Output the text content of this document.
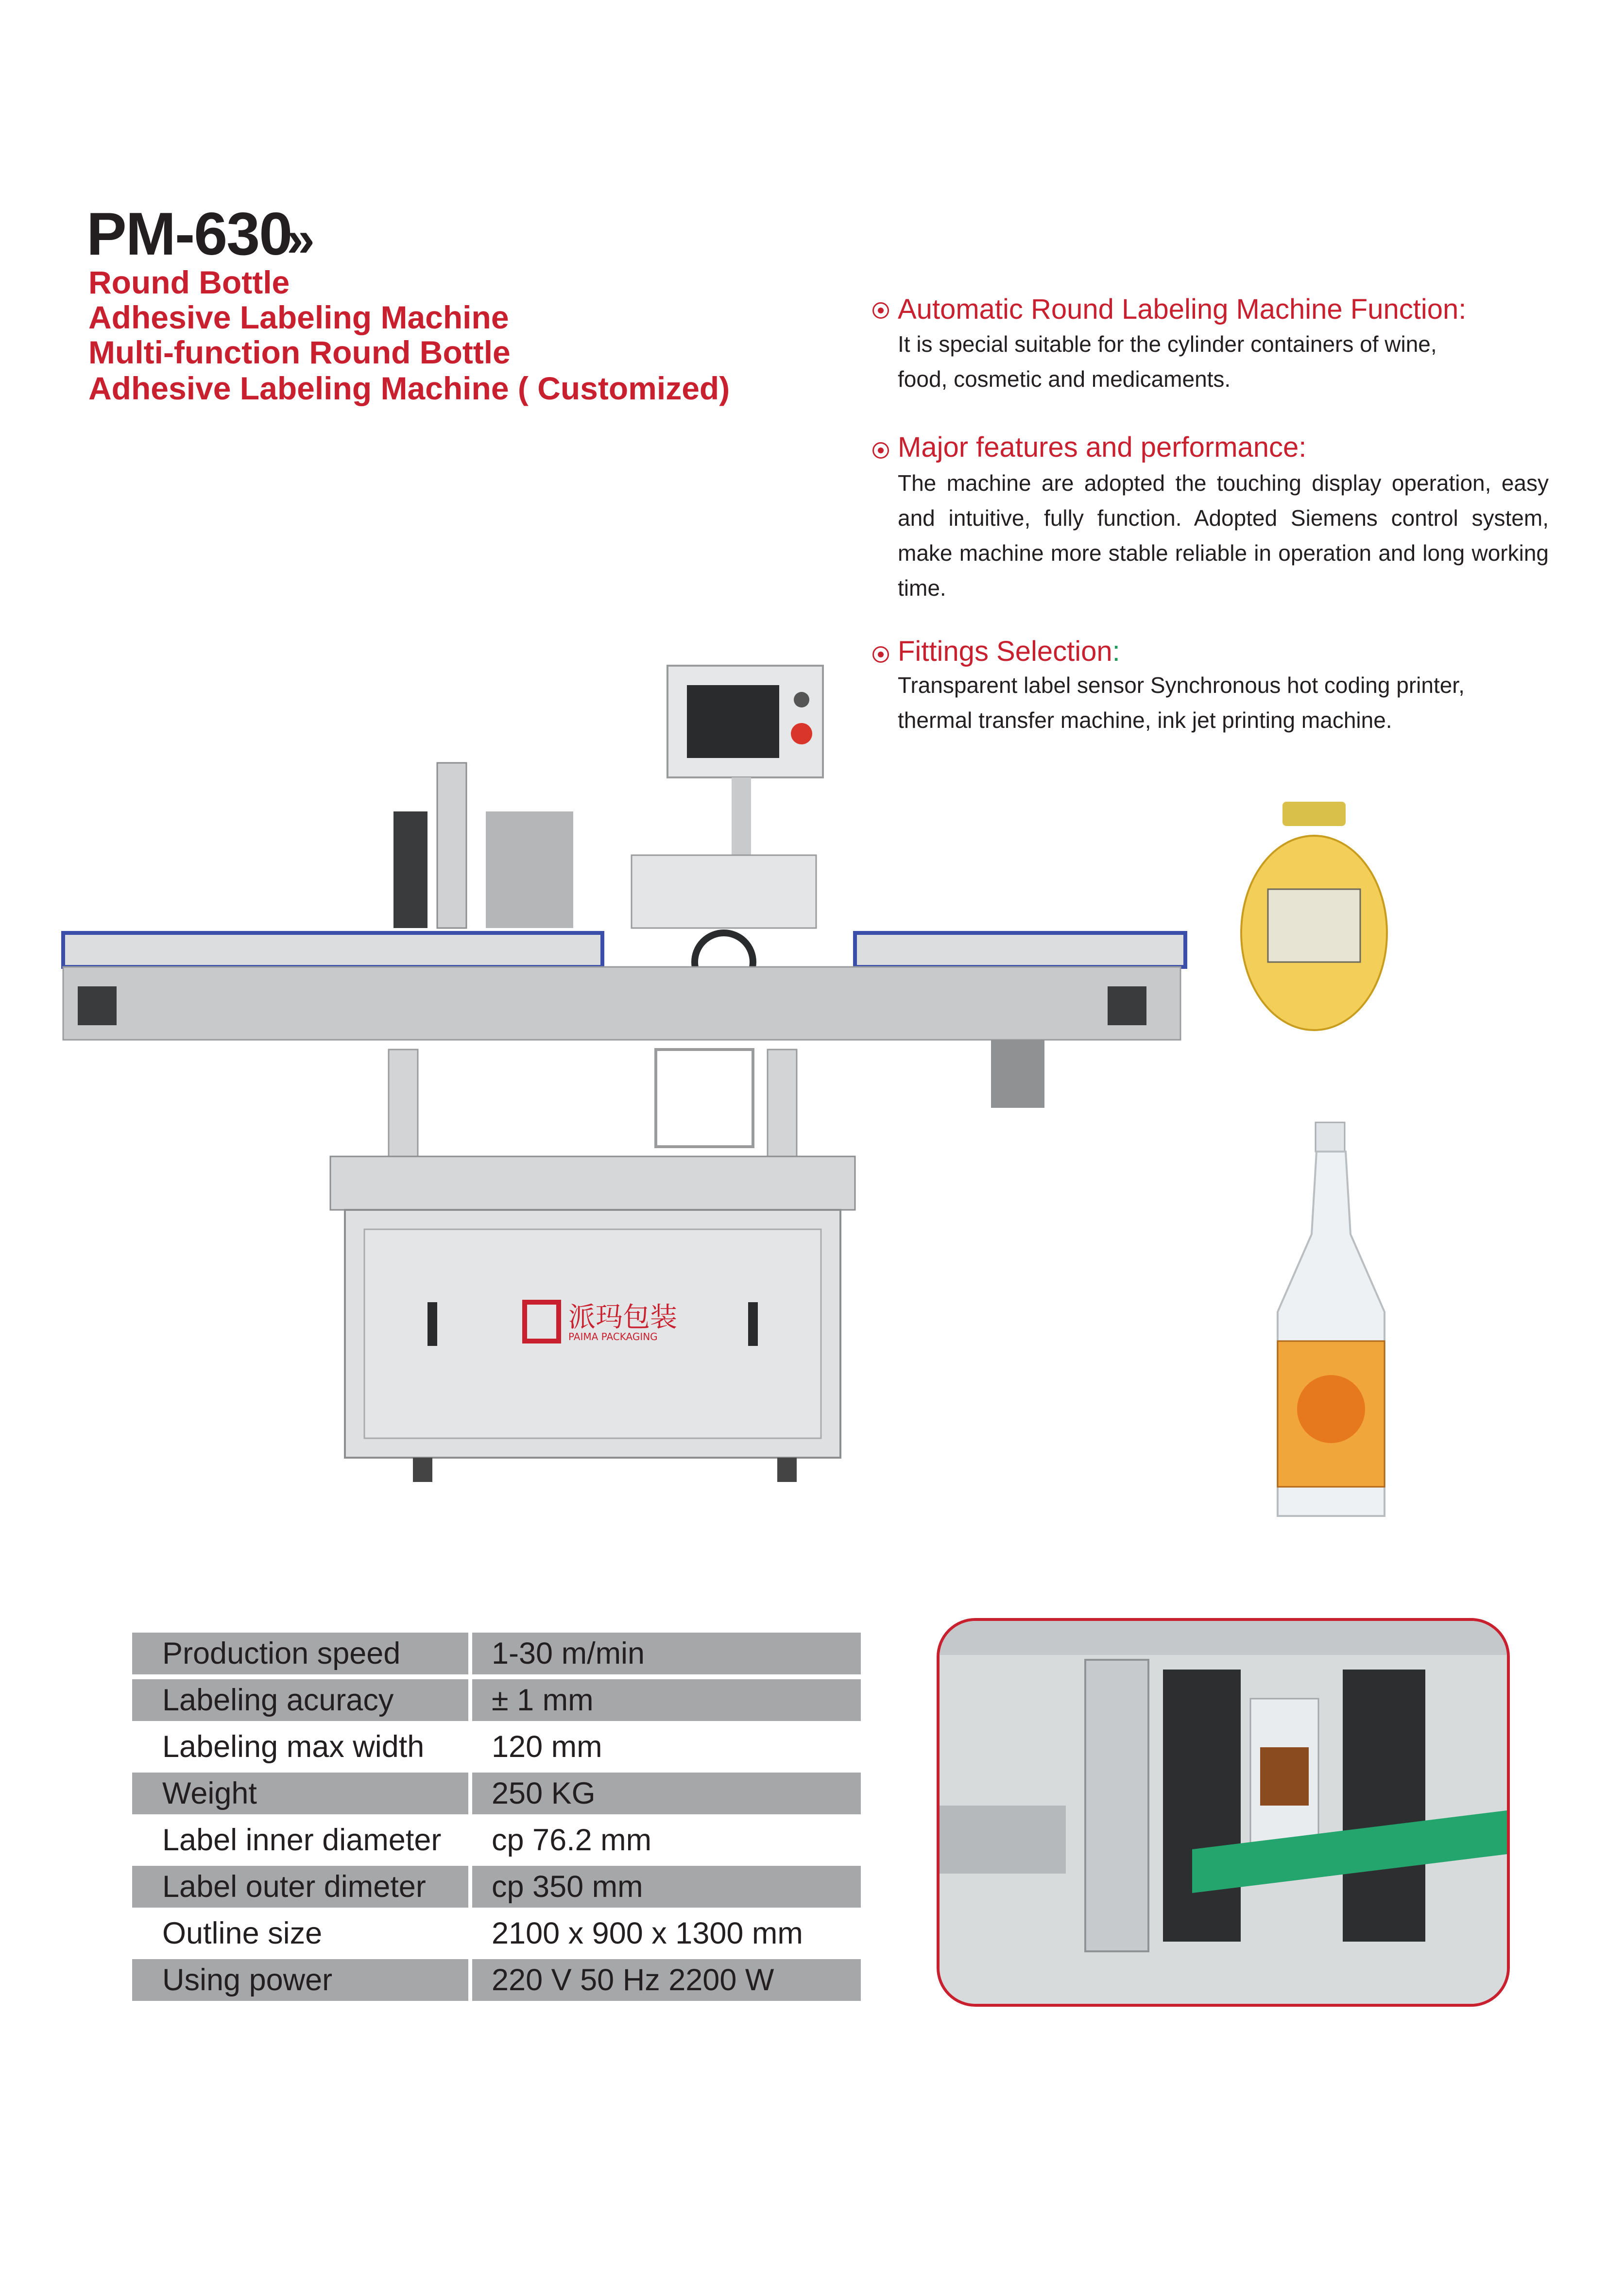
PM-630
»
Round Bottle
Adhesive Labeling Machine
Multi-function Round Bottle
Adhesive Labeling Machine ( Customized)
Automatic Round Labeling Machine Function:
It is special suitable for the cylinder containers of wine,
food, cosmetic and medicaments.
Major features and performance:
The machine are adopted the touching display operation, easy and intuitive, fully function. Adopted Siemens control system, make machine more stable reliable in operation and long working time.
Fittings Selection:
Transparent label sensor Synchronous hot coding printer,
thermal transfer machine, ink jet printing machine.
派玛包装
PAIMA PACKAGING
Production speed	1-30 m/min
Labeling acuracy	± 1 mm
Labeling max width	120 mm
Weight	250 KG
Label inner diameter	cp 76.2 mm
Label outer dimeter	cp 350 mm
Outline size	2100 x 900 x 1300 mm
Using power	220 V 50 Hz 2200 W
